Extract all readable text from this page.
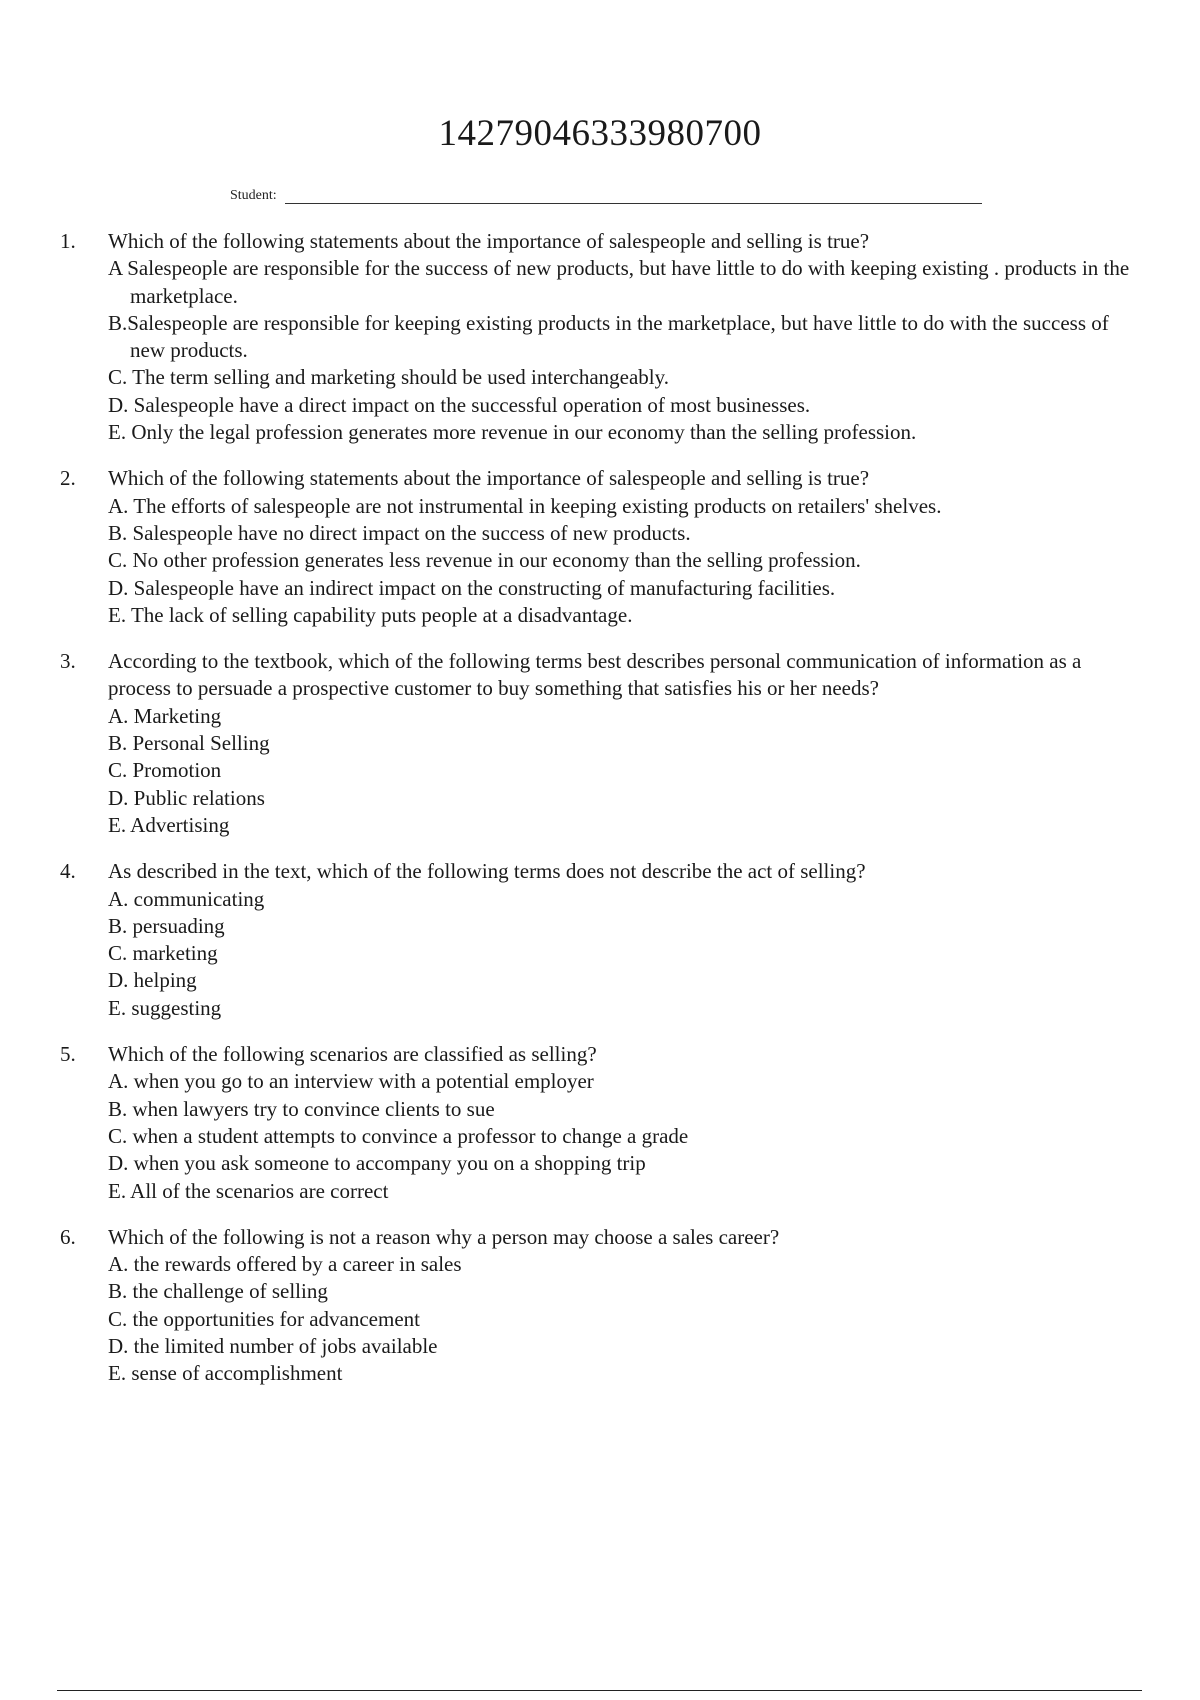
14279046333980700
Student:
1. Which of the following statements about the importance of salespeople and selling is true?
A Salespeople are responsible for the success of new products, but have little to do with keeping existing . products in the marketplace.
B.Salespeople are responsible for keeping existing products in the marketplace, but have little to do with the success of new products.
C. The term selling and marketing should be used interchangeably.
D. Salespeople have a direct impact on the successful operation of most businesses.
E. Only the legal profession generates more revenue in our economy than the selling profession.
2. Which of the following statements about the importance of salespeople and selling is true?
A. The efforts of salespeople are not instrumental in keeping existing products on retailers' shelves.
B. Salespeople have no direct impact on the success of new products.
C. No other profession generates less revenue in our economy than the selling profession.
D. Salespeople have an indirect impact on the constructing of manufacturing facilities.
E. The lack of selling capability puts people at a disadvantage.
3. According to the textbook, which of the following terms best describes personal communication of information as a process to persuade a prospective customer to buy something that satisfies his or her needs?
A. Marketing
B. Personal Selling
C. Promotion
D. Public relations
E. Advertising
4. As described in the text, which of the following terms does not describe the act of selling?
A. communicating
B. persuading
C. marketing
D. helping
E. suggesting
5. Which of the following scenarios are classified as selling?
A. when you go to an interview with a potential employer
B. when lawyers try to convince clients to sue
C. when a student attempts to convince a professor to change a grade
D. when you ask someone to accompany you on a shopping trip
E. All of the scenarios are correct
6. Which of the following is not a reason why a person may choose a sales career?
A. the rewards offered by a career in sales
B. the challenge of selling
C. the opportunities for advancement
D. the limited number of jobs available
E. sense of accomplishment
